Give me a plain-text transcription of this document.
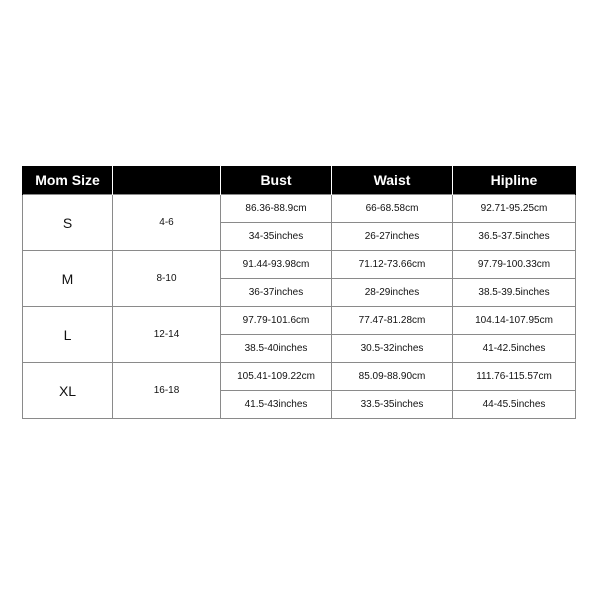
Mom Size		Bust	Waist	Hipline
S	4-6	86.36-88.9cm	66-68.58cm	92.71-95.25cm
		34-35inches	26-27inches	36.5-37.5inches
M	8-10	91.44-93.98cm	71.12-73.66cm	97.79-100.33cm
		36-37inches	28-29inches	38.5-39.5inches
L	12-14	97.79-101.6cm	77.47-81.28cm	104.14-107.95cm
		38.5-40inches	30.5-32inches	41-42.5inches
XL	16-18	105.41-109.22cm	85.09-88.90cm	111.76-115.57cm
		41.5-43inches	33.5-35inches	44-45.5inches
